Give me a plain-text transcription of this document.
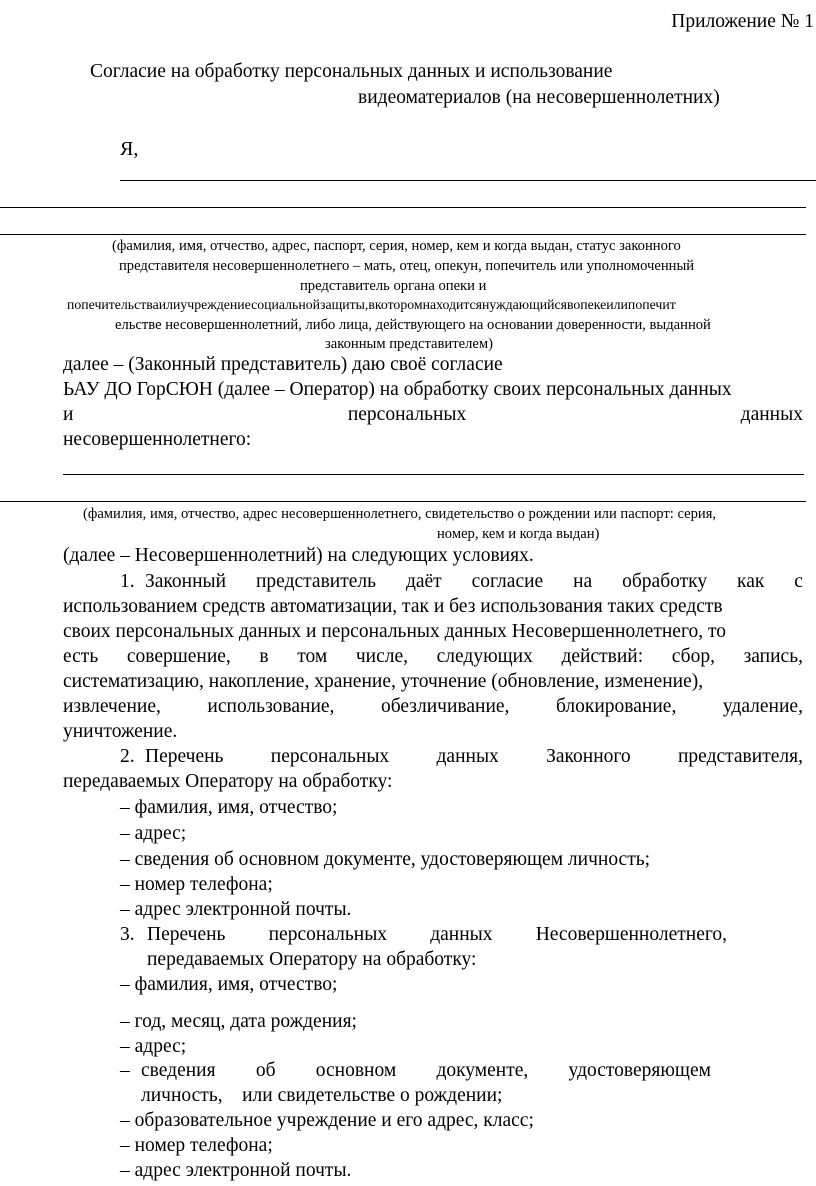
Приложение № 1
Согласие на обработку персональных данных и использование
видеоматериалов (на несовершеннолетних)
Я,
(фамилия, имя, отчество, адрес, паспорт, серия, номер, кем и когда выдан, статус законного
представителя несовершеннолетнего – мать, отец, опекун, попечитель или уполномоченный
представитель органа опеки и
попечительстваилиучреждениесоциальнойзащиты,вкоторомнаходитсянуждающийсявопекеилипопечит
ельстве несовершеннолетний, либо лица, действующего на основании доверенности, выданной
законным представителем)
далее – (Законный представитель) даю своё согласие
ЬАУ ДО ГорСЮН (далее – Оператор) на обработку своих персональных данных
и	персональных	данных
несовершеннолетнего:
(фамилия, имя, отчество, адрес несовершеннолетнего, свидетельство о рождении или паспорт: серия,
номер, кем и когда выдан)
(далее – Несовершеннолетний) на следующих условиях.
1. Законный представитель даёт согласие на обработку как с
использованием средств автоматизации, так и без использования таких средств
своих персональных данных и персональных данных Несовершеннолетнего, то
есть совершение, в том числе, следующих действий: сбор, запись,
систематизацию, накопление, хранение, уточнение (обновление, изменение),
извлечение, использование, обезличивание, блокирование, удаление,
уничтожение.
2. Перечень персональных данных Законного представителя,
передаваемых Оператору на обработку:
– фамилия, имя, отчество;
– адрес;
– сведения об основном документе, удостоверяющем личность;
– номер телефона;
– адрес электронной почты.
3. Перечень персональных данных Несовершеннолетнего,
передаваемых Оператору на обработку:
– фамилия, имя, отчество;
– год, месяц, дата рождения;
– адрес;
– сведения об основном документе, удостоверяющем
личность,    или свидетельстве о рождении;
– образовательное учреждение и его адрес, класс;
– номер телефона;
– адрес электронной почты.
